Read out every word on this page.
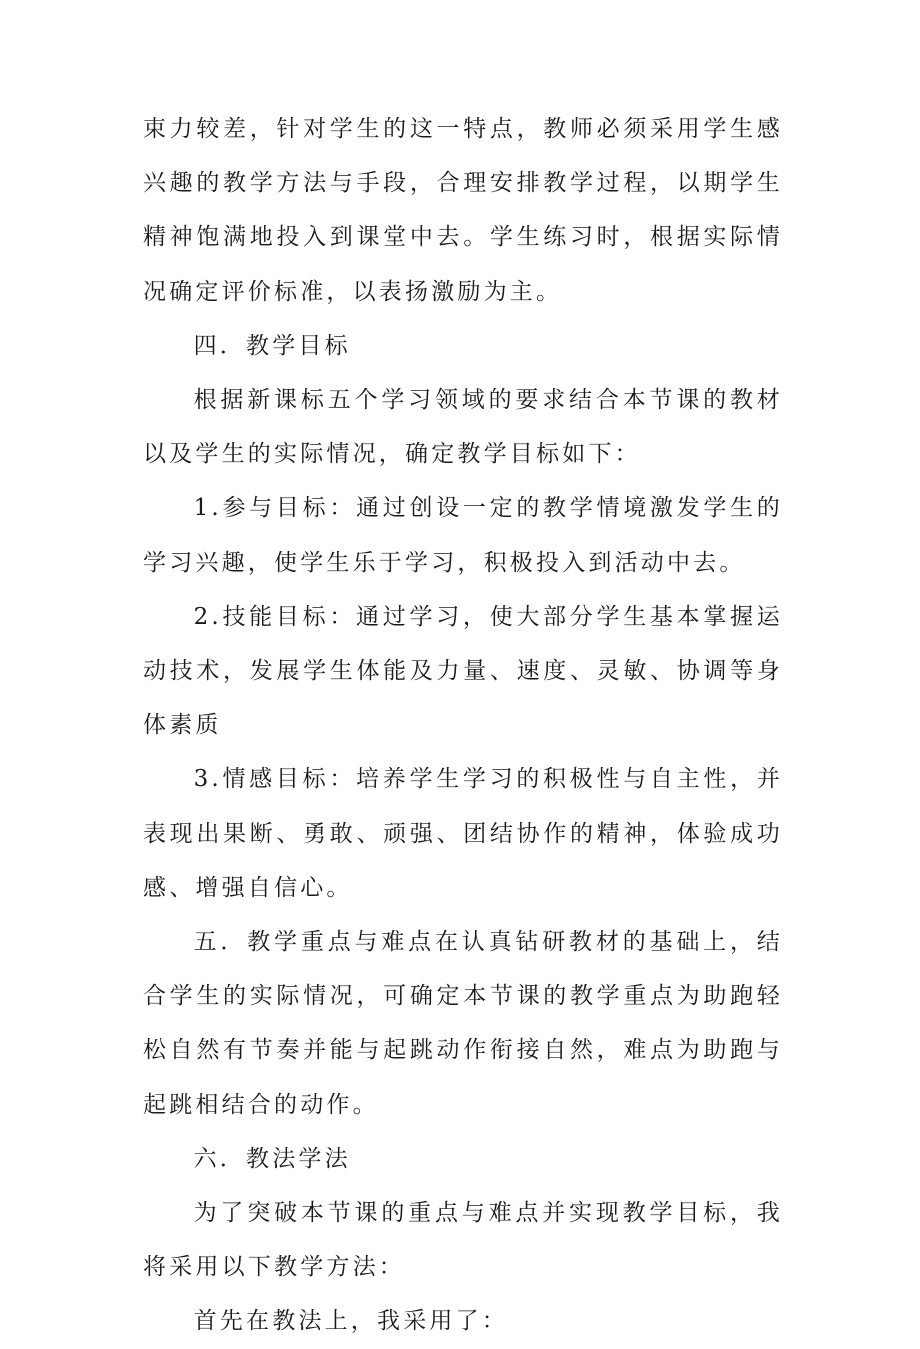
束力较差，针对学生的这一特点，教师必须采用学生感兴趣的教学方法与手段，合理安排教学过程，以期学生精神饱满地投入到课堂中去。学生练习时，根据实际情况确定评价标准，以表扬激励为主。

四．教学目标

根据新课标五个学习领域的要求结合本节课的教材以及学生的实际情况，确定教学目标如下：

1.参与目标：通过创设一定的教学情境激发学生的学习兴趣，使学生乐于学习，积极投入到活动中去。

2.技能目标：通过学习，使大部分学生基本掌握运动技术，发展学生体能及力量、速度、灵敏、协调等身体素质

3.情感目标：培养学生学习的积极性与自主性，并表现出果断、勇敢、顽强、团结协作的精神，体验成功感、增强自信心。

五．教学重点与难点在认真钻研教材的基础上，结合学生的实际情况，可确定本节课的教学重点为助跑轻松自然有节奏并能与起跳动作衔接自然，难点为助跑与起跳相结合的动作。

六．教法学法

为了突破本节课的重点与难点并实现教学目标，我将采用以下教学方法：

首先在教法上，我采用了：
